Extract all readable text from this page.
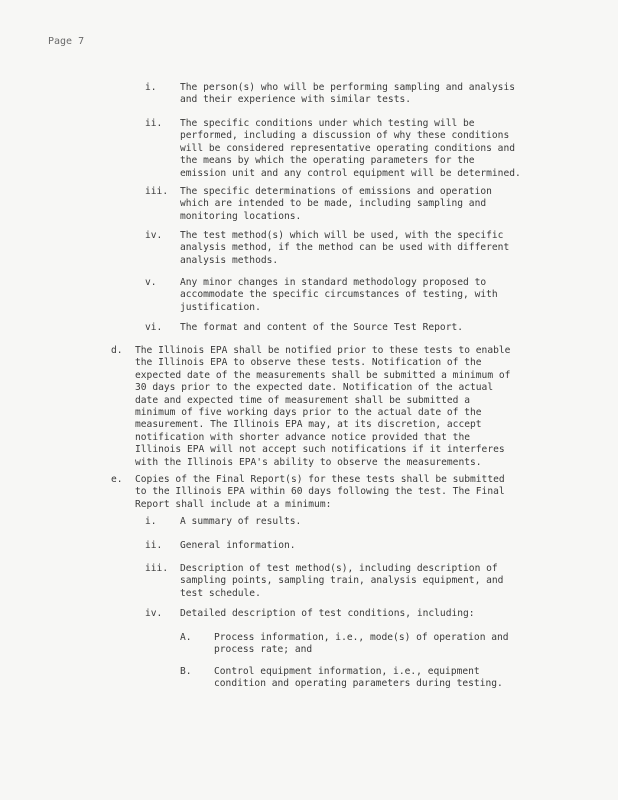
Page 7
i. The person(s) who will be performing sampling and analysis
and their experience with similar tests.
ii. The specific conditions under which testing will be
performed, including a discussion of why these conditions
will be considered representative operating conditions and
the means by which the operating parameters for the
emission unit and any control equipment will be determined.
iii. The specific determinations of emissions and operation
which are intended to be made, including sampling and
monitoring locations.
iv. The test method(s) which will be used, with the specific
analysis method, if the method can be used with different
analysis methods.
v. Any minor changes in standard methodology proposed to
accommodate the specific circumstances of testing, with
justification.
vi. The format and content of the Source Test Report.
d. The Illinois EPA shall be notified prior to these tests to enable
the Illinois EPA to observe these tests. Notification of the
expected date of the measurements shall be submitted a minimum of
30 days prior to the expected date. Notification of the actual
date and expected time of measurement shall be submitted a
minimum of five working days prior to the actual date of the
measurement. The Illinois EPA may, at its discretion, accept
notification with shorter advance notice provided that the
Illinois EPA will not accept such notifications if it interferes
with the Illinois EPA's ability to observe the measurements.
e. Copies of the Final Report(s) for these tests shall be submitted
to the Illinois EPA within 60 days following the test. The Final
Report shall include at a minimum:
i. A summary of results.
ii. General information.
iii. Description of test method(s), including description of
sampling points, sampling train, analysis equipment, and
test schedule.
iv. Detailed description of test conditions, including:
A. Process information, i.e., mode(s) of operation and
process rate; and
B. Control equipment information, i.e., equipment
condition and operating parameters during testing.
